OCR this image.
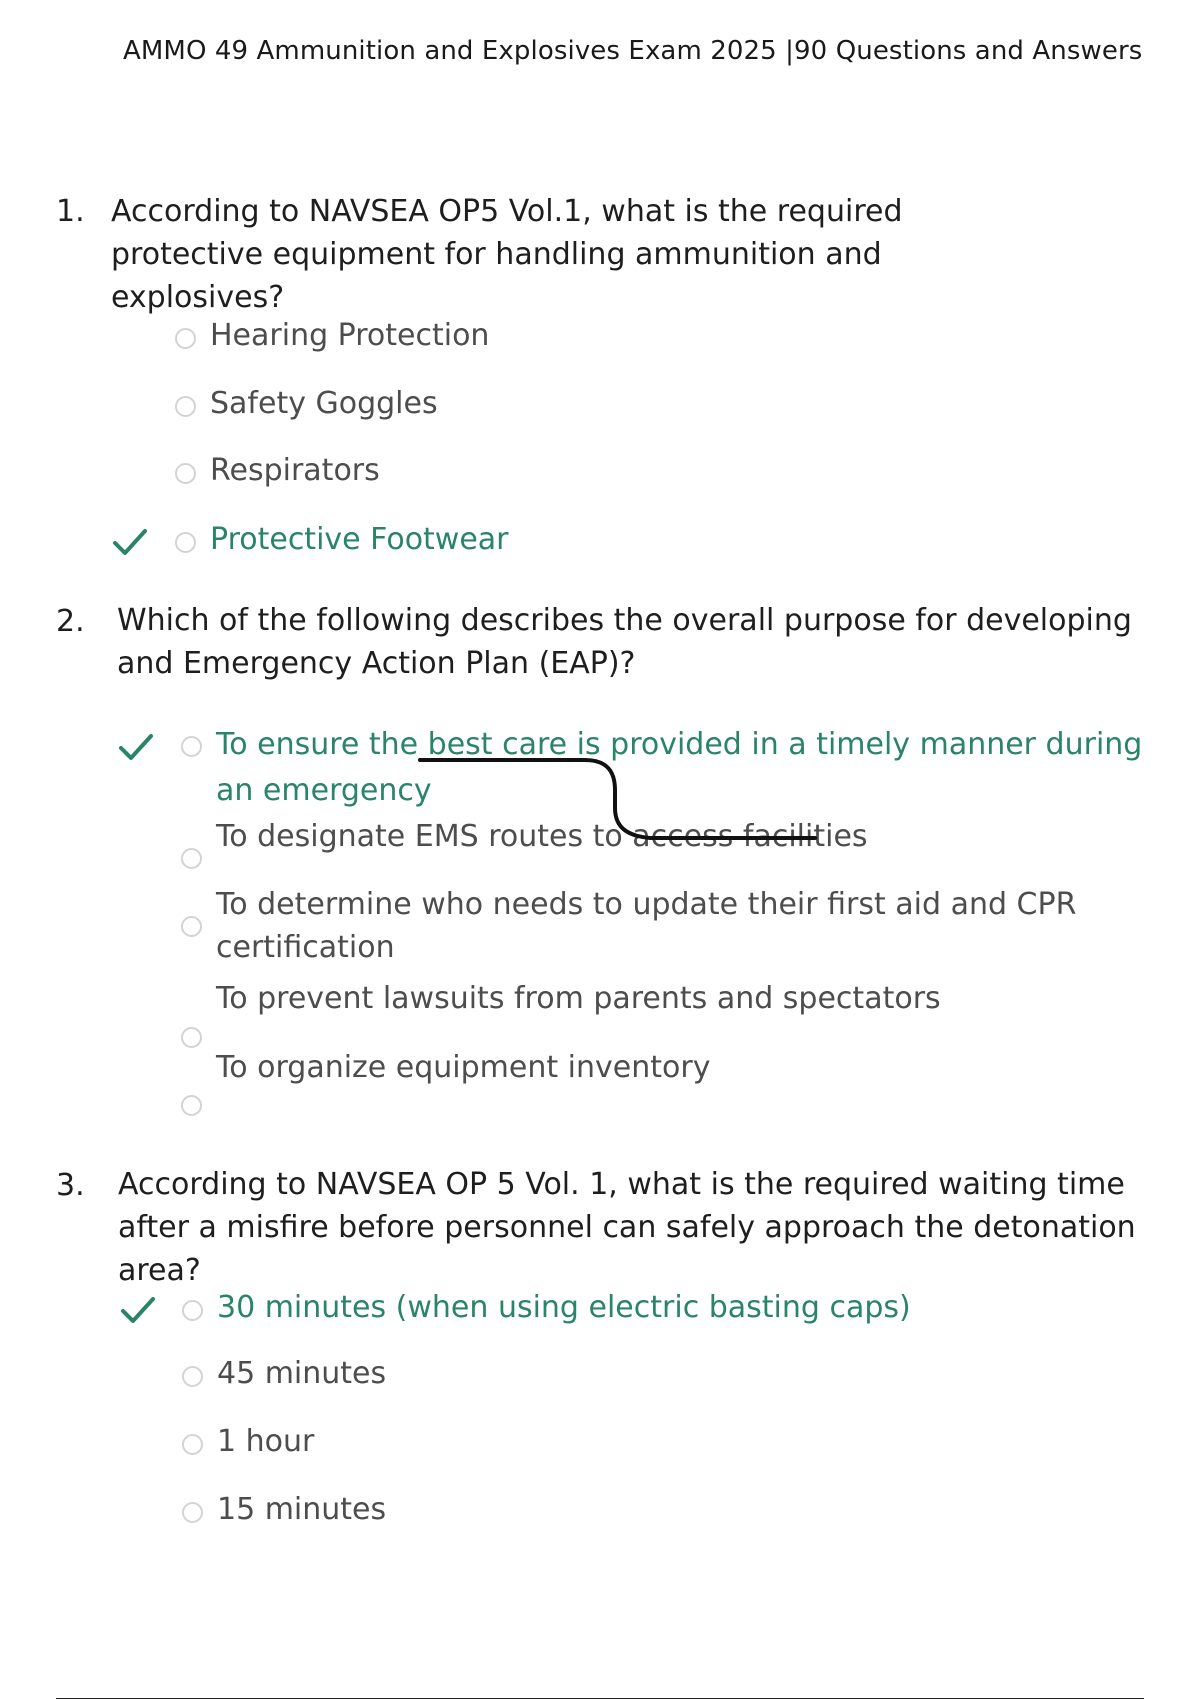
AMMO 49 Ammunition and Explosives Exam 2025 |90 Questions and Answers
1. According to NAVSEA OP5 Vol.1, what is the required protective equipment for handling ammunition and explosives?
Hearing Protection
Safety Goggles
Respirators
Protective Footwear
2. Which of the following describes the overall purpose for developing and Emergency Action Plan (EAP)?
To ensure the best care is provided in a timely manner during an emergency
To designate EMS routes to access facilities
To determine who needs to update their first aid and CPR certification
To prevent lawsuits from parents and spectators
To organize equipment inventory
3. According to NAVSEA OP 5 Vol. 1, what is the required waiting time after a misfire before personnel can safely approach the detonation area?
30 minutes (when using electric basting caps)
45 minutes
1 hour
15 minutes
